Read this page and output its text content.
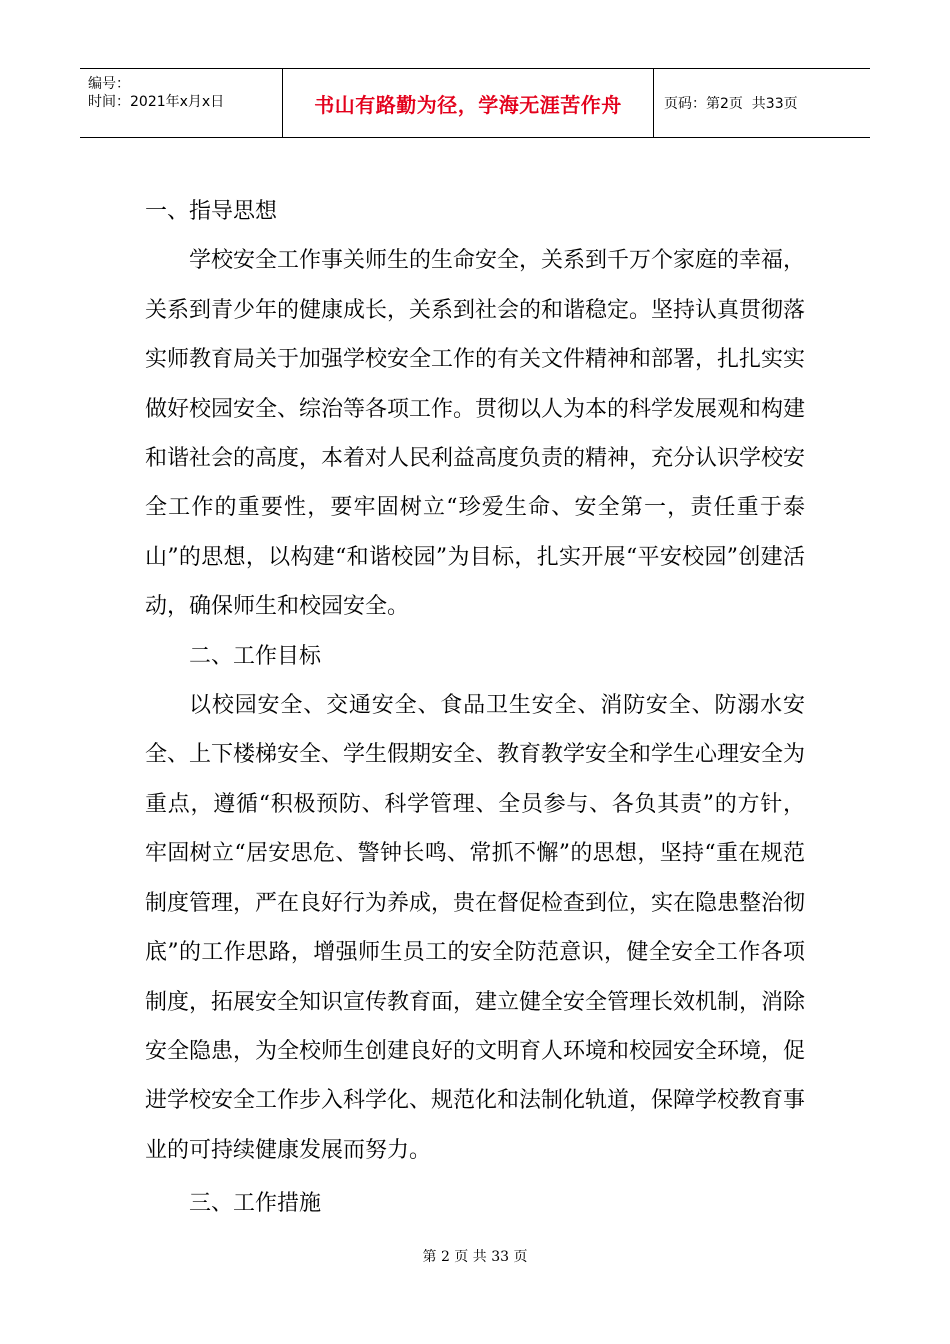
编号：
时间：2021年x月x日	书山有路勤为径，学海无涯苦作舟	页码：第2页  共33页

一、指导思想

学校安全工作事关师生的生命安全，关系到千万个家庭的幸福，关系到青少年的健康成长，关系到社会的和谐稳定。坚持认真贯彻落实师教育局关于加强学校安全工作的有关文件精神和部署，扎扎实实做好校园安全、综治等各项工作。贯彻以人为本的科学发展观和构建和谐社会的高度，本着对人民利益高度负责的精神，充分认识学校安全工作的重要性，要牢固树立“珍爱生命、安全第一，责任重于泰山”的思想，以构建“和谐校园”为目标，扎实开展“平安校园”创建活动，确保师生和校园安全。

二、工作目标

以校园安全、交通安全、食品卫生安全、消防安全、防溺水安全、上下楼梯安全、学生假期安全、教育教学安全和学生心理安全为重点，遵循“积极预防、科学管理、全员参与、各负其责”的方针，牢固树立“居安思危、警钟长鸣、常抓不懈”的思想，坚持“重在规范制度管理，严在良好行为养成，贵在督促检查到位，实在隐患整治彻底”的工作思路，增强师生员工的安全防范意识，健全安全工作各项制度，拓展安全知识宣传教育面，建立健全安全管理长效机制，消除安全隐患，为全校师生创建良好的文明育人环境和校园安全环境，促进学校安全工作步入科学化、规范化和法制化轨道，保障学校教育事业的可持续健康发展而努力。

三、工作措施

第 2 页 共 33 页
